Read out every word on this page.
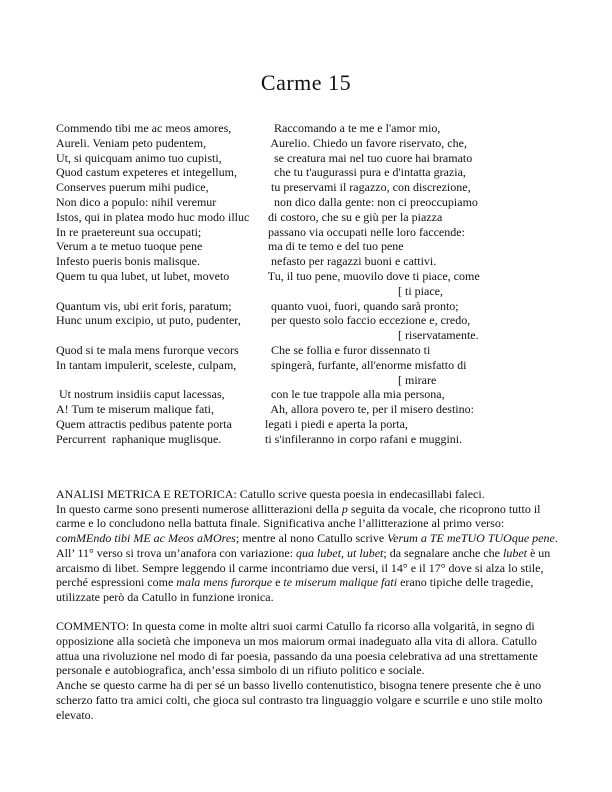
Carme 15
Commendo tibi me ac meos amores,	Raccomando a te me e l'amor mio,
Aureli. Veniam peto pudentem,	Aurelio. Chiedo un favore riservato, che,
Ut, si quicquam animo tuo cupisti,	se creatura mai nel tuo cuore hai bramato
Quod castum expeteres et integellum,	che tu t'augurassi pura e d'intatta grazia,
Conserves puerum mihi pudice,	tu preservami il ragazzo, con discrezione,
Non dico a populo: nihil veremur	non dico dalla gente: non ci preoccupiamo
Istos, qui in platea modo huc modo illuc	di costoro, che su e giù per la piazza
In re praetereunt sua occupati;	passano via occupati nelle loro faccende:
Verum a te metuo tuoque pene	ma di te temo e del tuo pene
Infesto pueris bonis malisque.	nefasto per ragazzi buoni e cattivi.
Quem tu qua lubet, ut lubet, moveto	Tu, il tuo pene, muovilo dove ti piace, come
[ ti piace,
Quantum vis, ubi erit foris, paratum;	quanto vuoi, fuori, quando sarà pronto;
Hunc unum excipio, ut puto, pudenter,	per questo solo faccio eccezione e, credo,
[ riservatamente.
Quod si te mala mens furorque vecors	Che se follia e furor dissennato ti
In tantam impulerit, sceleste, culpam,	spingerà, furfante, all'enorme misfatto di
[ mirare
Ut nostrum insidiis caput lacessas,	con le tue trappole alla mia persona,
A! Tum te miserum malique fati,	Ah, allora povero te, per il misero destino:
Quem attractis pedibus patente porta	legati i piedi e aperta la porta,
Percurrent  raphanique muglisque.	ti s'infileranno in corpo rafani e muggini.

ANALISI METRICA E RETORICA: Catullo scrive questa poesia in endecasillabi faleci.
In questo carme sono presenti numerose allitterazioni della p seguita da vocale, che ricoprono tutto il carme e lo concludono nella battuta finale. Significativa anche l’allitterazione al primo verso: comMEndo tibi ME ac Meos aMOres; mentre al nono Catullo scrive Verum a TE meTUO TUOque pene. All’ 11° verso si trova un’anafora con variazione: qua lubet, ut lubet; da segnalare anche che lubet è un arcaismo di libet. Sempre leggendo il carme incontriamo due versi, il 14° e il 17° dove si alza lo stile, perché espressioni come mala mens furorque e te miserum malique fati erano tipiche delle tragedie, utilizzate però da Catullo in funzione ironica.

COMMENTO: In questa come in molte altri suoi carmi Catullo fa ricorso alla volgarità, in segno di opposizione alla società che imponeva un mos maiorum ormai inadeguato alla vita di allora. Catullo attua una rivoluzione nel modo di far poesia, passando da una poesia celebrativa ad una strettamente personale e autobiografica, anch’essa simbolo di un rifiuto politico e sociale.
Anche se questo carme ha di per sé un basso livello contenutistico, bisogna tenere presente che è uno scherzo fatto tra amici colti, che gioca sul contrasto tra linguaggio volgare e scurrile e uno stile molto elevato.
